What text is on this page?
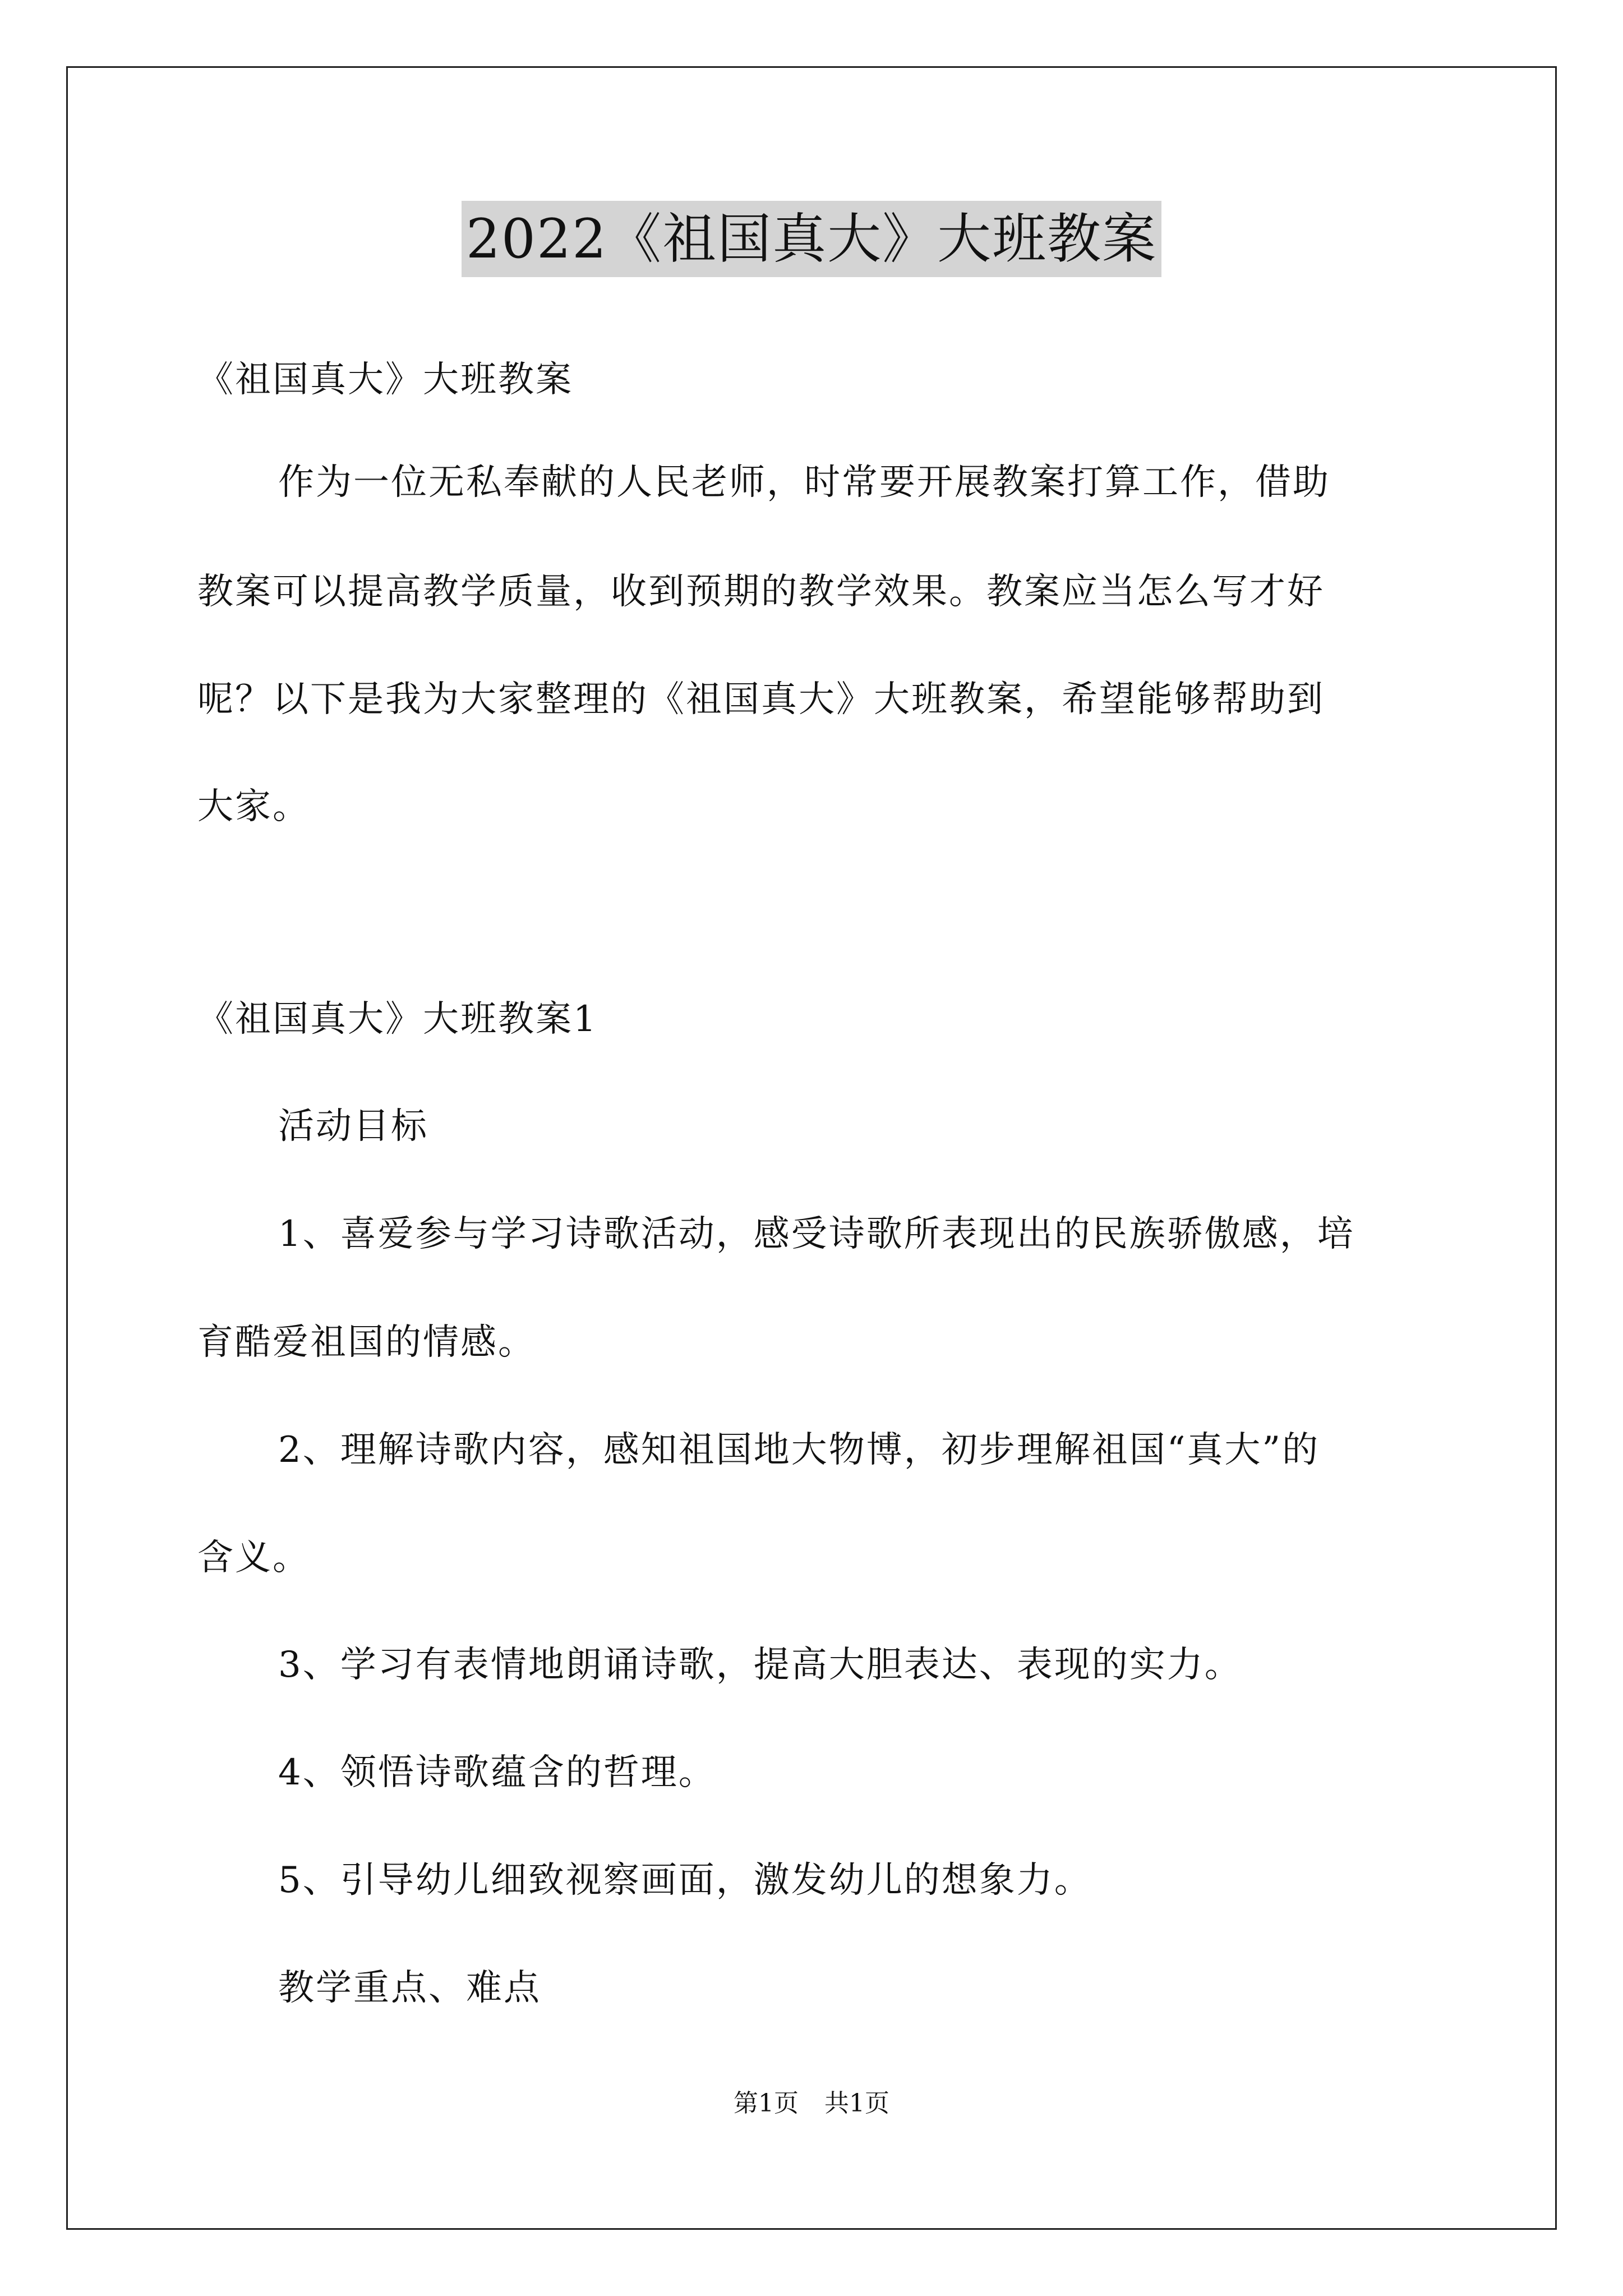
2022《祖国真大》大班教案
《祖国真大》大班教案
作为一位无私奉献的人民老师，时常要开展教案打算工作，借助
教案可以提高教学质量，收到预期的教学效果。教案应当怎么写才好
呢？以下是我为大家整理的《祖国真大》大班教案，希望能够帮助到
大家。
《祖国真大》大班教案1
活动目标
1、喜爱参与学习诗歌活动，感受诗歌所表现出的民族骄傲感，培
育酷爱祖国的情感。
2、理解诗歌内容，感知祖国地大物博，初步理解祖国“真大”的
含义。
3、学习有表情地朗诵诗歌，提高大胆表达、表现的实力。
4、领悟诗歌蕴含的哲理。
5、引导幼儿细致视察画面，激发幼儿的想象力。
教学重点、难点
第1页 共1页
